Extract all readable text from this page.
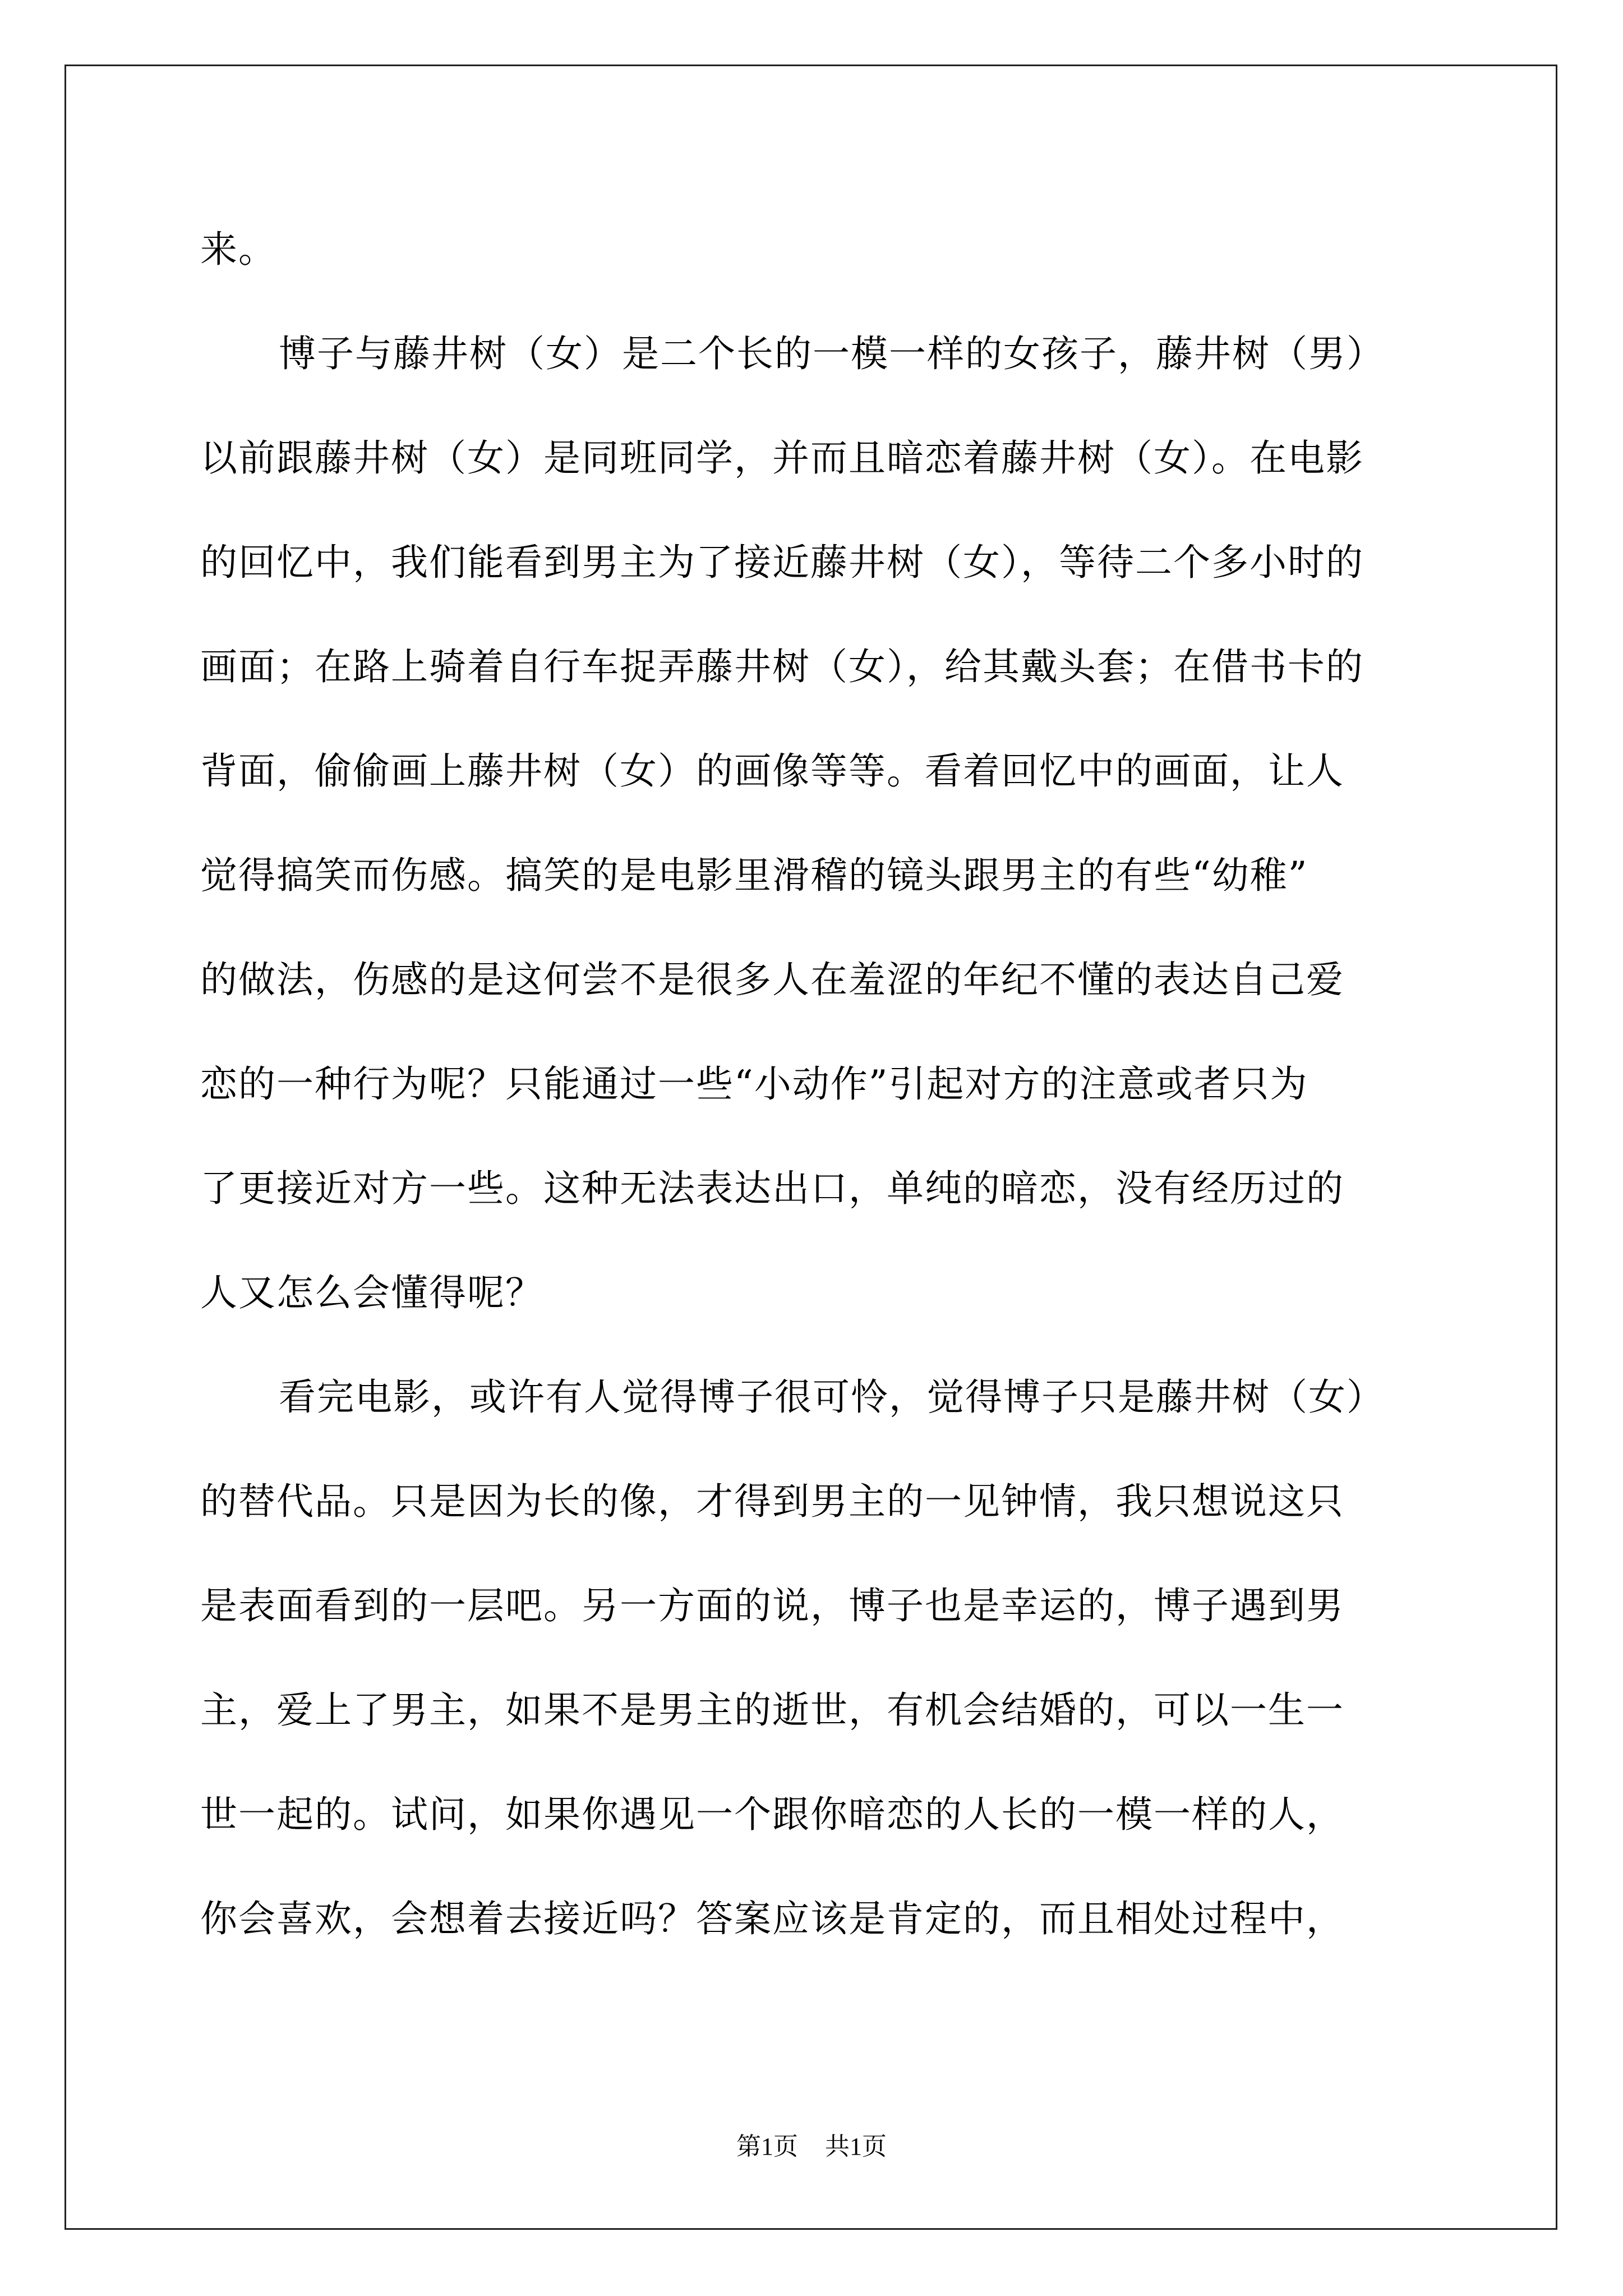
来。
博子与藤井树（女）是二个长的一模一样的女孩子，藤井树（男）
以前跟藤井树（女）是同班同学，并而且暗恋着藤井树（女）。在电影
的回忆中，我们能看到男主为了接近藤井树（女），等待二个多小时的
画面；在路上骑着自行车捉弄藤井树（女），给其戴头套；在借书卡的
背面，偷偷画上藤井树（女）的画像等等。看着回忆中的画面，让人
觉得搞笑而伤感。搞笑的是电影里滑稽的镜头跟男主的有些“幼稚”
的做法，伤感的是这何尝不是很多人在羞涩的年纪不懂的表达自己爱
恋的一种行为呢？只能通过一些“小动作”引起对方的注意或者只为
了更接近对方一些。这种无法表达出口，单纯的暗恋，没有经历过的
人又怎么会懂得呢？
看完电影，或许有人觉得博子很可怜，觉得博子只是藤井树（女）
的替代品。只是因为长的像，才得到男主的一见钟情，我只想说这只
是表面看到的一层吧。另一方面的说，博子也是幸运的，博子遇到男
主，爱上了男主，如果不是男主的逝世，有机会结婚的，可以一生一
世一起的。试问，如果你遇见一个跟你暗恋的人长的一模一样的人，
你会喜欢，会想着去接近吗？答案应该是肯定的，而且相处过程中，
第1页 共1页
